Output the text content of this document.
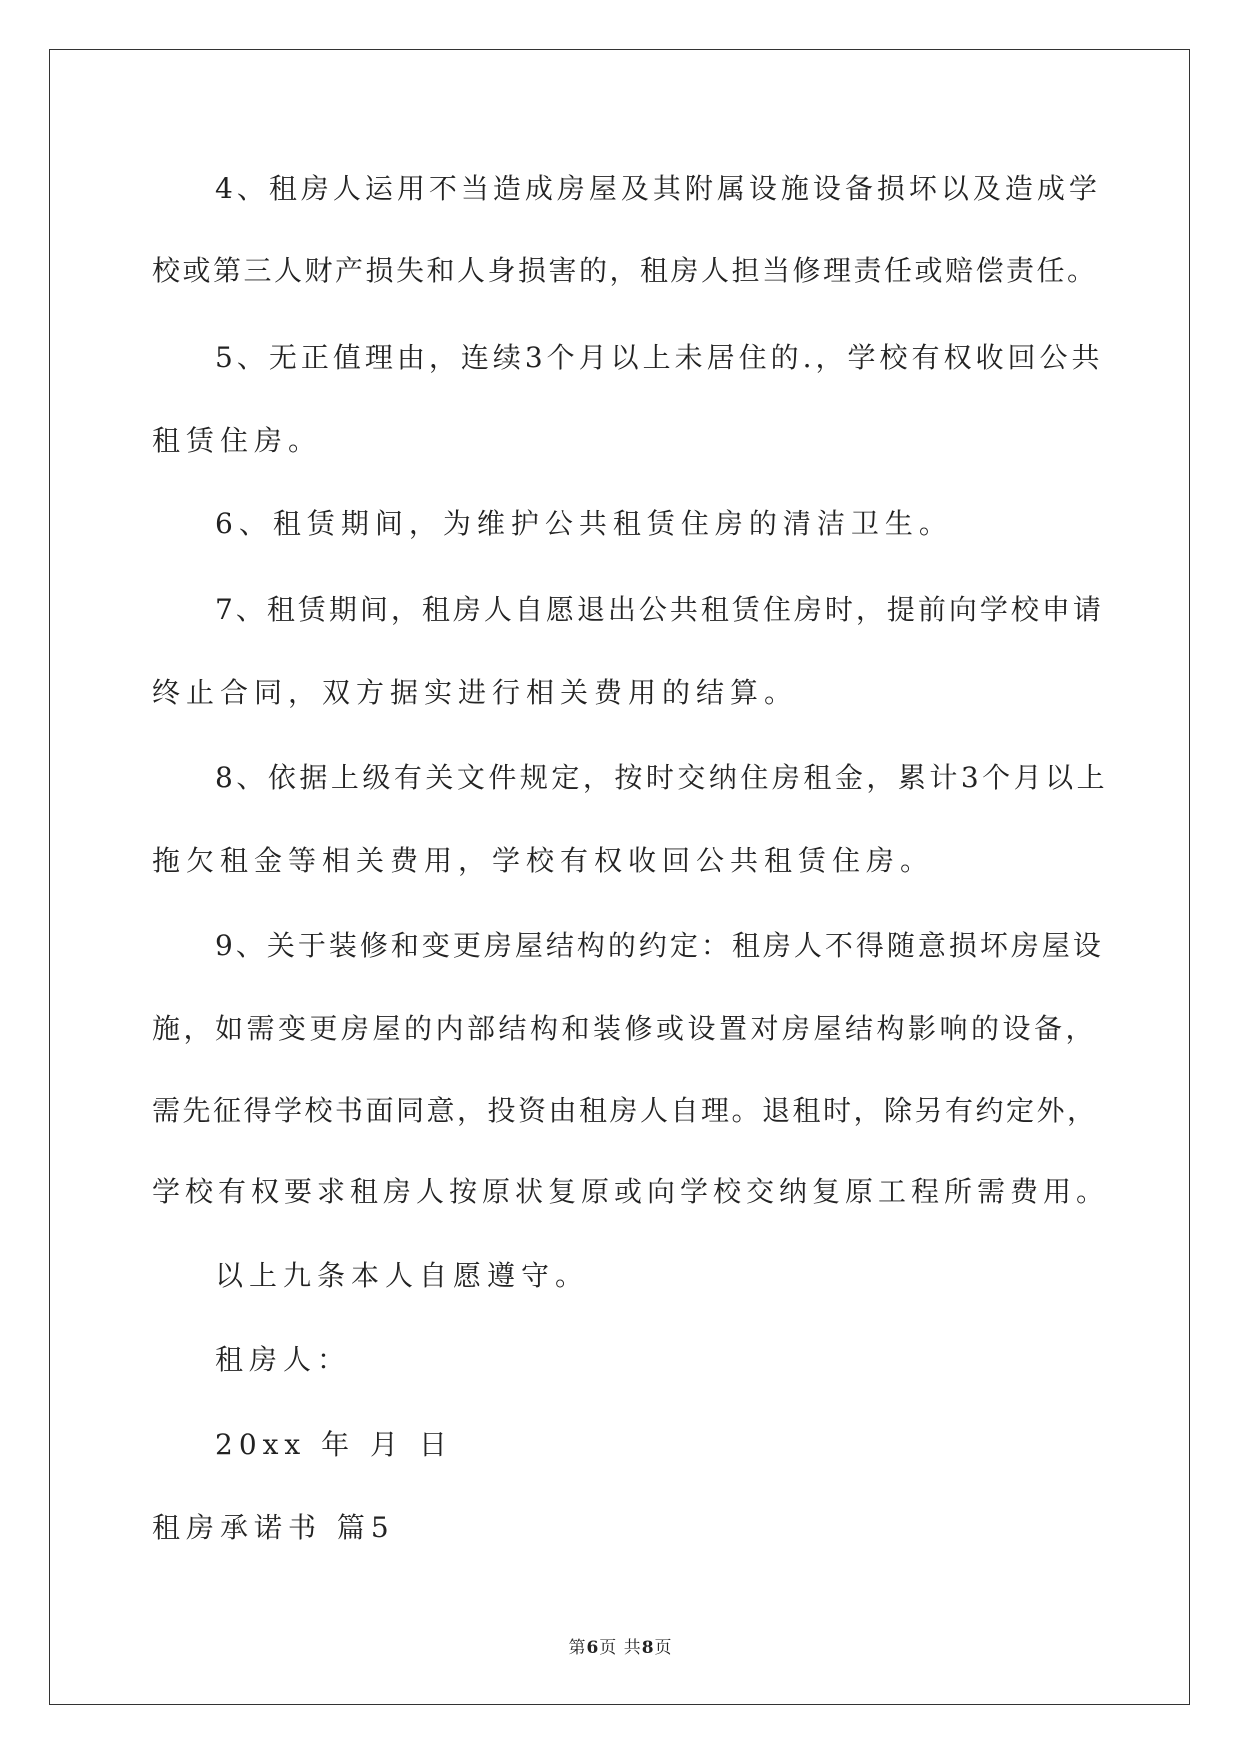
4、租房人运用不当造成房屋及其附属设施设备损坏以及造成学
校或第三人财产损失和人身损害的，租房人担当修理责任或赔偿责任。
5、无正值理由，连续3个月以上未居住的.，学校有权收回公共
租赁住房。
6、租赁期间，为维护公共租赁住房的清洁卫生。
7、租赁期间，租房人自愿退出公共租赁住房时，提前向学校申请
终止合同，双方据实进行相关费用的结算。
8、依据上级有关文件规定，按时交纳住房租金，累计3个月以上
拖欠租金等相关费用，学校有权收回公共租赁住房。
9、关于装修和变更房屋结构的约定：租房人不得随意损坏房屋设
施，如需变更房屋的内部结构和装修或设置对房屋结构影响的设备，
需先征得学校书面同意，投资由租房人自理。退租时，除另有约定外，
学校有权要求租房人按原状复原或向学校交纳复原工程所需费用。
以上九条本人自愿遵守。
租房人：
20xx 年 月 日
租房承诺书 篇5
第6页 共8页
